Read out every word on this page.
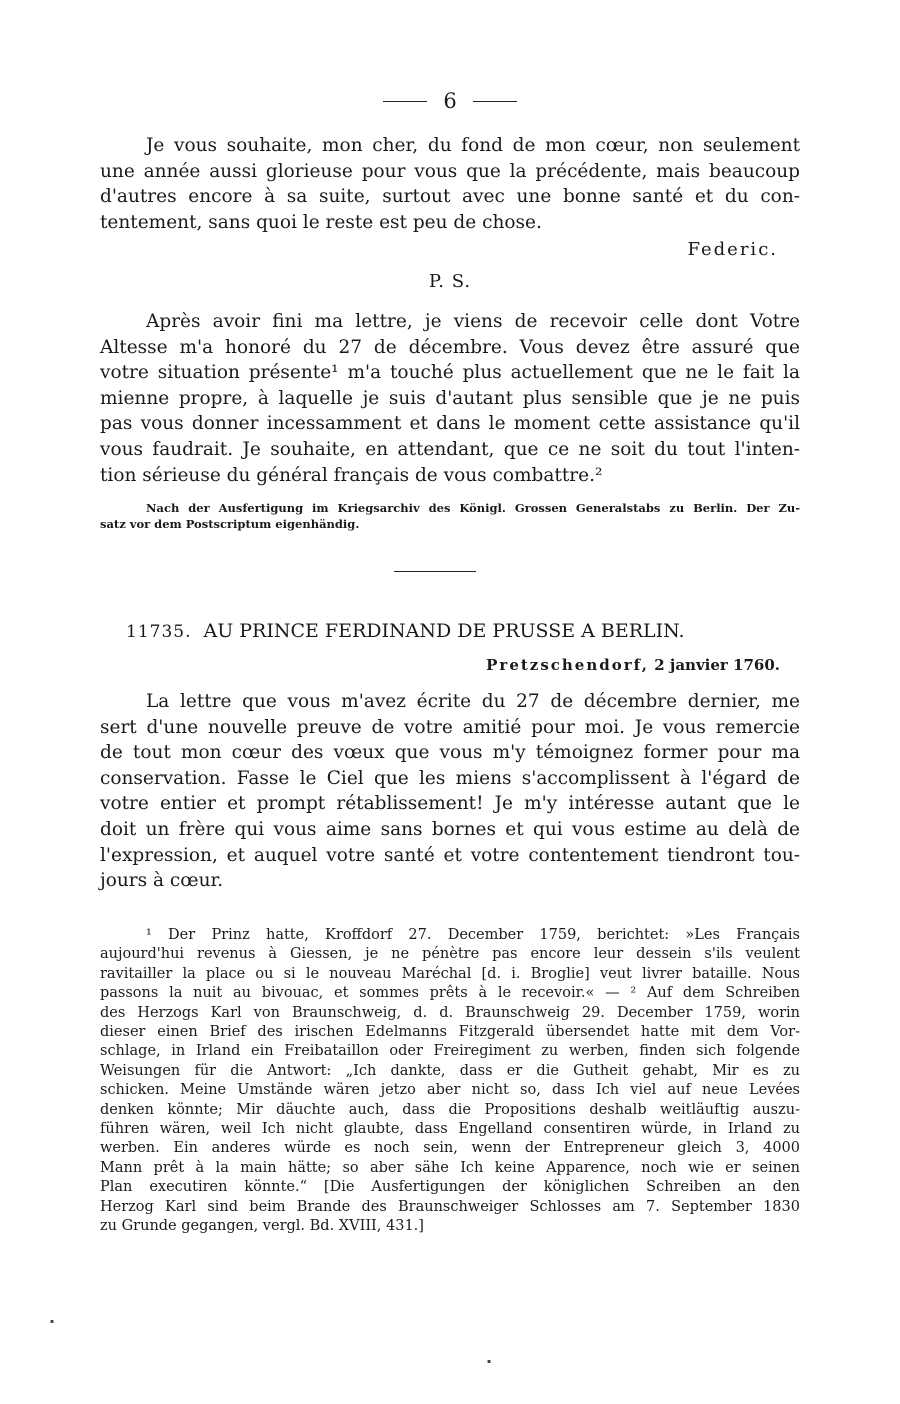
6

Je vous souhaite, mon cher, du fond de mon cœur, non seulement
une année aussi glorieuse pour vous que la précédente, mais beaucoup
d'autres encore à sa suite, surtout avec une bonne santé et du con-
tentement, sans quoi le reste est peu de chose.

Federic.
P. S.

Après avoir fini ma lettre, je viens de recevoir celle dont Votre
Altesse m'a honoré du 27 de décembre. Vous devez être assuré que
votre situation présente¹ m'a touché plus actuellement que ne le fait la
mienne propre, à laquelle je suis d'autant plus sensible que je ne puis
pas vous donner incessamment et dans le moment cette assistance qu'il
vous faudrait. Je souhaite, en attendant, que ce ne soit du tout l'inten-
tion sérieuse du général français de vous combattre.²

Nach der Ausfertigung im Kriegsarchiv des Königl. Grossen Generalstabs zu Berlin. Der Zu-
satz vor dem Postscriptum eigenhändig.

11735. AU PRINCE FERDINAND DE PRUSSE A BERLIN.
Pretzschendorf, 2 janvier 1760.

La lettre que vous m'avez écrite du 27 de décembre dernier, me
sert d'une nouvelle preuve de votre amitié pour moi. Je vous remercie
de tout mon cœur des vœux que vous m'y témoignez former pour ma
conservation. Fasse le Ciel que les miens s'accomplissent à l'égard de
votre entier et prompt rétablissement! Je m'y intéresse autant que le
doit un frère qui vous aime sans bornes et qui vous estime au delà de
l'expression, et auquel votre santé et votre contentement tiendront tou-
jours à cœur.

¹ Der Prinz hatte, Kroffdorf 27. December 1759, berichtet: »Les Français
aujourd'hui revenus à Giessen, je ne pénètre pas encore leur dessein s'ils veulent
ravitailler la place ou si le nouveau Maréchal [d. i. Broglie] veut livrer bataille. Nous
passons la nuit au bivouac, et sommes prêts à le recevoir.« — ² Auf dem Schreiben
des Herzogs Karl von Braunschweig, d. d. Braunschweig 29. December 1759, worin
dieser einen Brief des irischen Edelmanns Fitzgerald übersendet hatte mit dem Vor-
schlage, in Irland ein Freibataillon oder Freiregiment zu werben, finden sich folgende
Weisungen für die Antwort: „Ich dankte, dass er die Gutheit gehabt, Mir es zu
schicken. Meine Umstände wären jetzo aber nicht so, dass Ich viel auf neue Levées
denken könnte; Mir däuchte auch, dass die Propositions deshalb weitläuftig auszu-
führen wären, weil Ich nicht glaubte, dass Engelland consentiren würde, in Irland zu
werben. Ein anderes würde es noch sein, wenn der Entrepreneur gleich 3, 4000
Mann prêt à la main hätte; so aber sähe Ich keine Apparence, noch wie er seinen
Plan executiren könnte.“ [Die Ausfertigungen der königlichen Schreiben an den
Herzog Karl sind beim Brande des Braunschweiger Schlosses am 7. September 1830
zu Grunde gegangen, vergl. Bd. XVIII, 431.]

▪
▪
